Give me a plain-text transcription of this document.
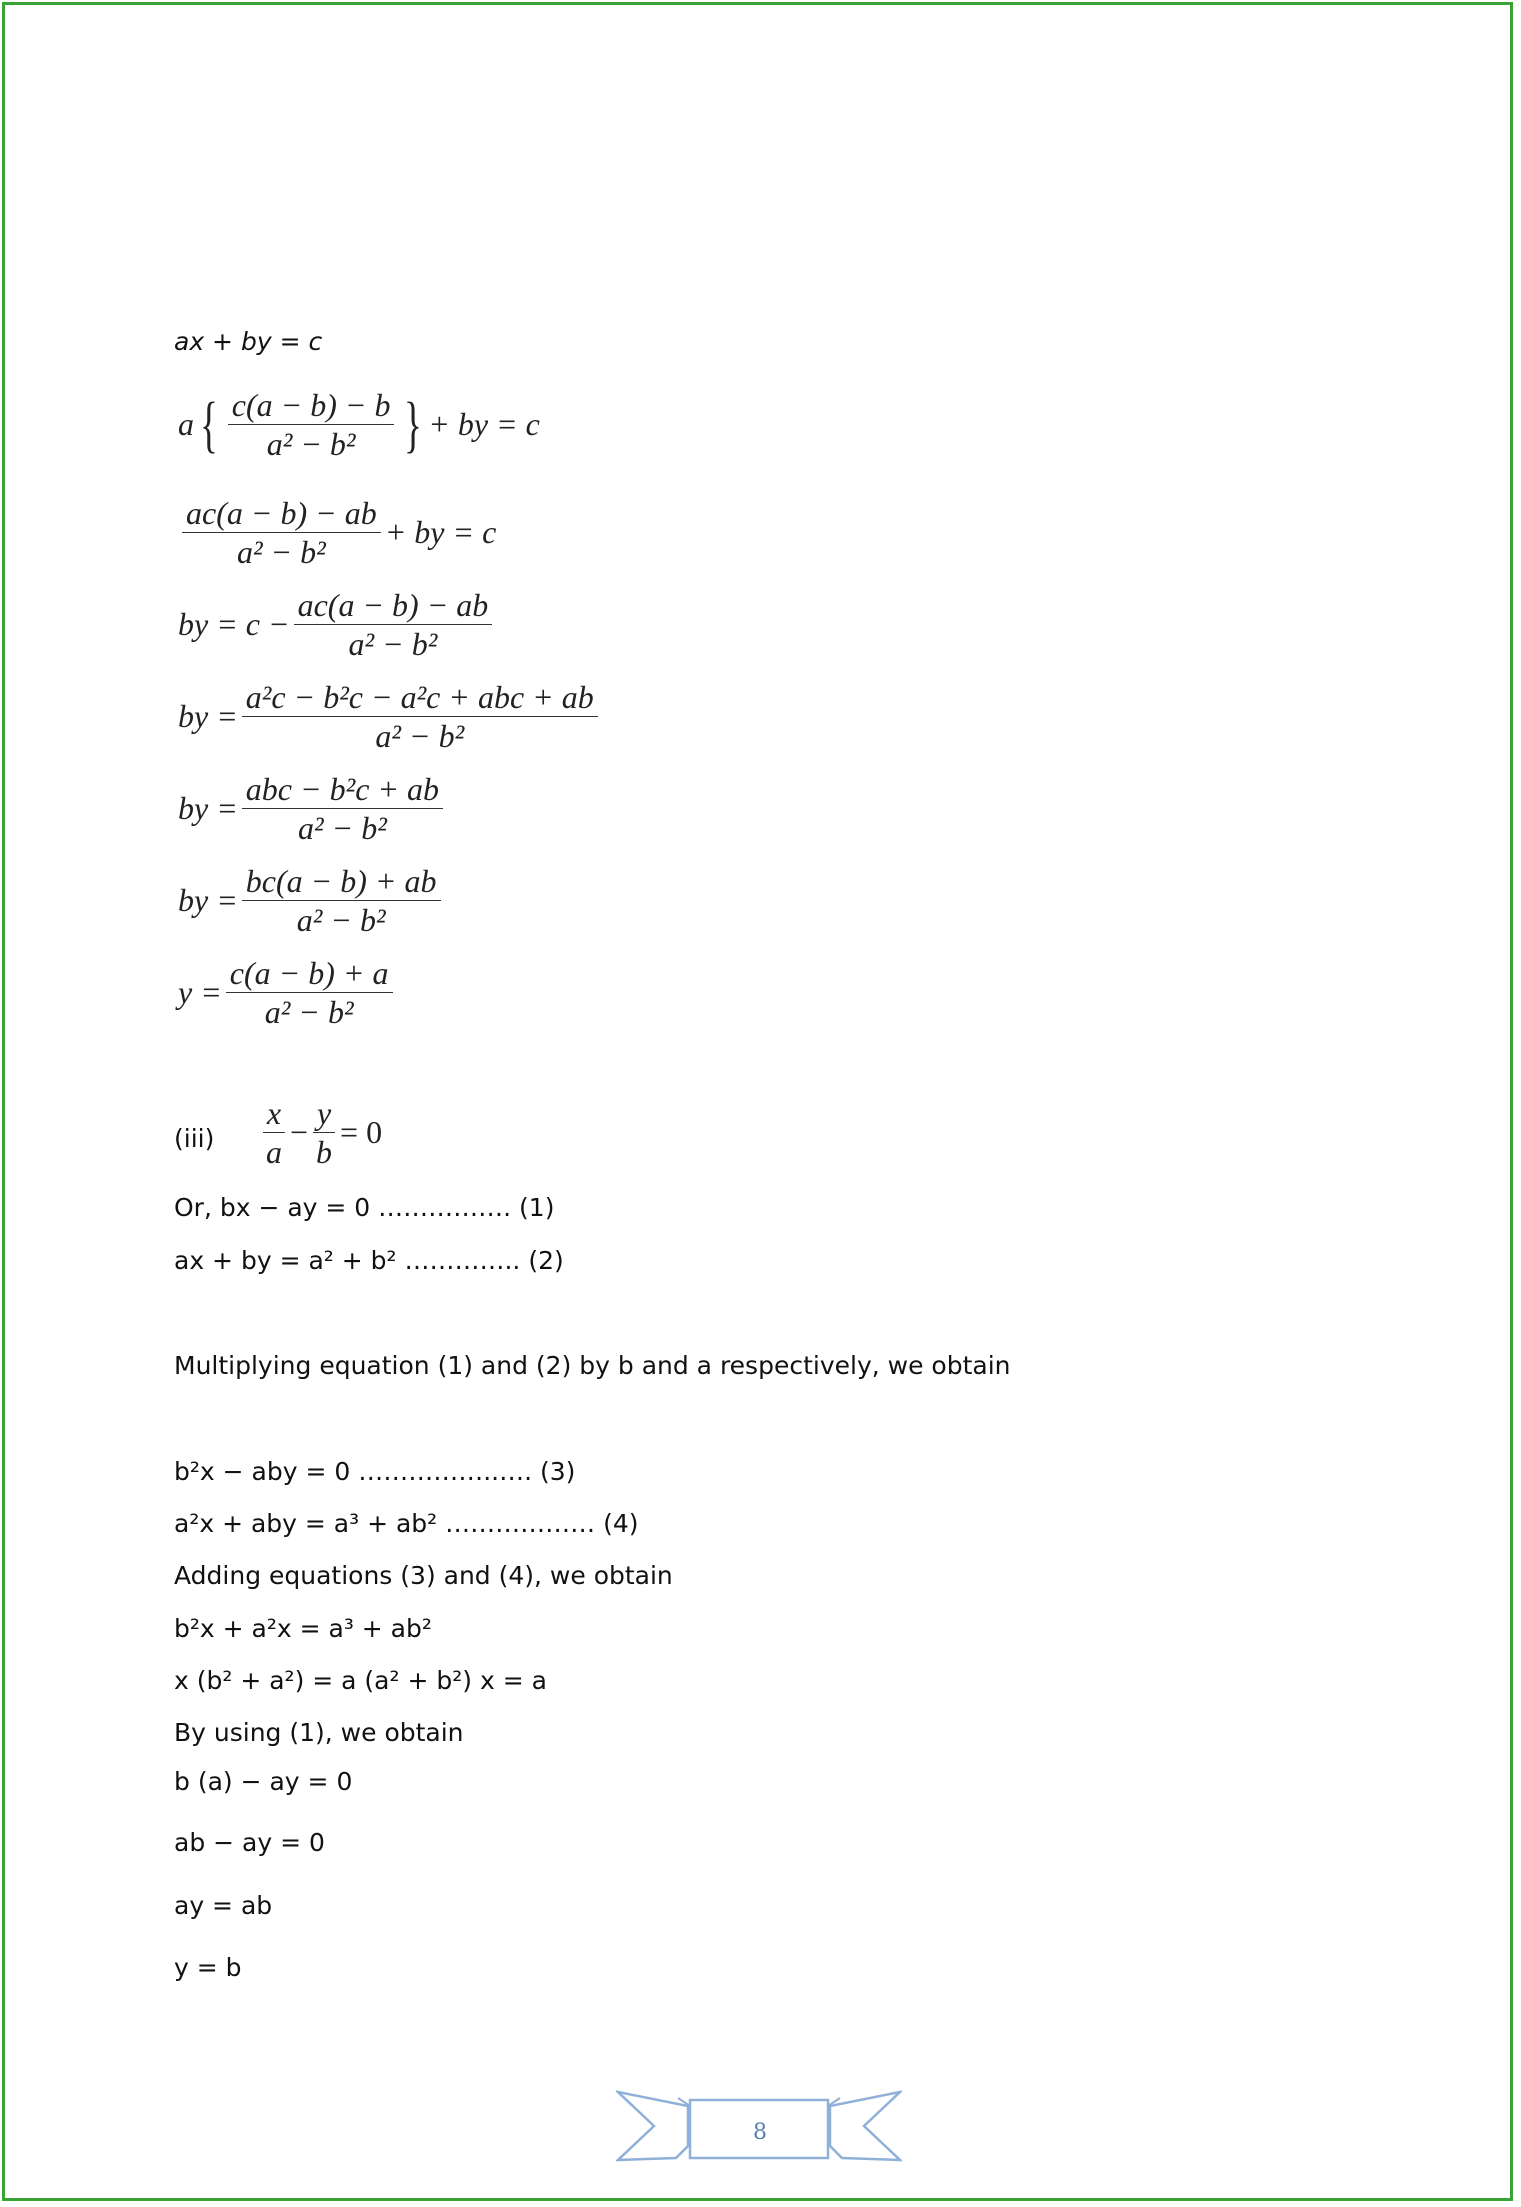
ax + by = c
a { $\frac{c(a - b) - b}{\text{a² − b²}}$ } + by = c
$\frac{ac(a - b) - ab}{\text{a² − b²}}$ + by = c
by = $c - \frac{ac(a - b) - ab}{\text{a² − b²}}$
by = $\frac{\text{a²c − b²c − a²c + abc + ab}}{\text{a² − b²}}$
by = $\frac{\text{abc − b²c + ab}}{\text{a² − b²}}$
by = $\frac{bc(a - b) + ab}{\text{a² − b²}}$
$y = \frac{c(a - b) + a}{\text{a² − b²}}$
$(iii) \frac{x}{a} - \frac{y}{b} = 0$
Or, bx − ay = 0 ……………. (1)
ax + by = a² + b² ………….. (2)
Multiplying equation (1) and (2) by b and a respectively, we obtain
b²x − aby = 0 ……………..…. (3)
a²x + aby = a³ + ab² ……………… (4)
Adding equations (3) and (4), we obtain
b²x + a²x = a³ + ab²
x (b² + a²) = a (a² + b²) x = a
By using (1), we obtain
b (a) − ay = 0
ab − ay = 0
ay = ab
y = b
8
